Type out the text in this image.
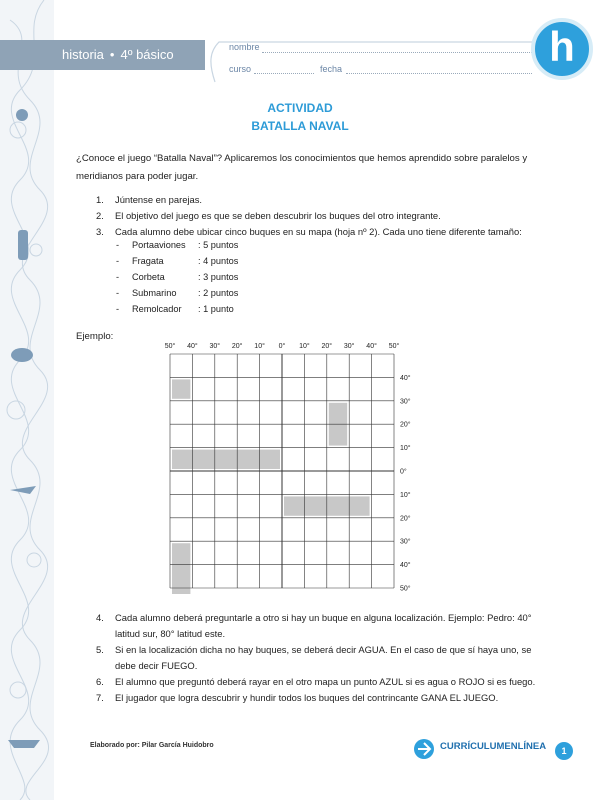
historia • 4º básico	nombre
curso	fecha	h
ACTIVIDAD
BATALLA NAVAL
¿Conoce el juego “Batalla Naval”? Aplicaremos los conocimientos que hemos aprendido sobre paralelos y meridianos para poder jugar.
1. Júntense en parejas.
2. El objetivo del juego es que se deben descubrir los buques del otro integrante.
3. Cada alumno debe ubicar cinco buques en su mapa (hoja nº 2). Cada uno tiene diferente tamaño:
- Portaaviones : 5 puntos
- Fragata	: 4 puntos
- Corbeta	: 3 puntos
- Submarino : 2 puntos
- Remolcador : 1 punto
Ejemplo:
50° 40° 30° 20° 10° 0° 10° 20° 30° 40° 50°
40°
30°
20°
10°
0°
10°
20°
30°
40°
50°
4. Cada alumno deberá preguntarle a otro si hay un buque en alguna localización. Ejemplo: Pedro: 40°
latitud sur, 80° latitud este.
5. Si en la localización dicha no hay buques, se deberá decir AGUA. En el caso de que sí haya uno, se
debe decir FUEGO.
6. El alumno que preguntó deberá rayar en el otro mapa un punto AZUL si es agua o ROJO si es fuego.
7. El jugador que logra descubrir y hundir todos los buques del contrincante GANA EL JUEGO.
Elaborado por: Pilar García Huidobro	CURRÍCULUMENLÍNEA	1
